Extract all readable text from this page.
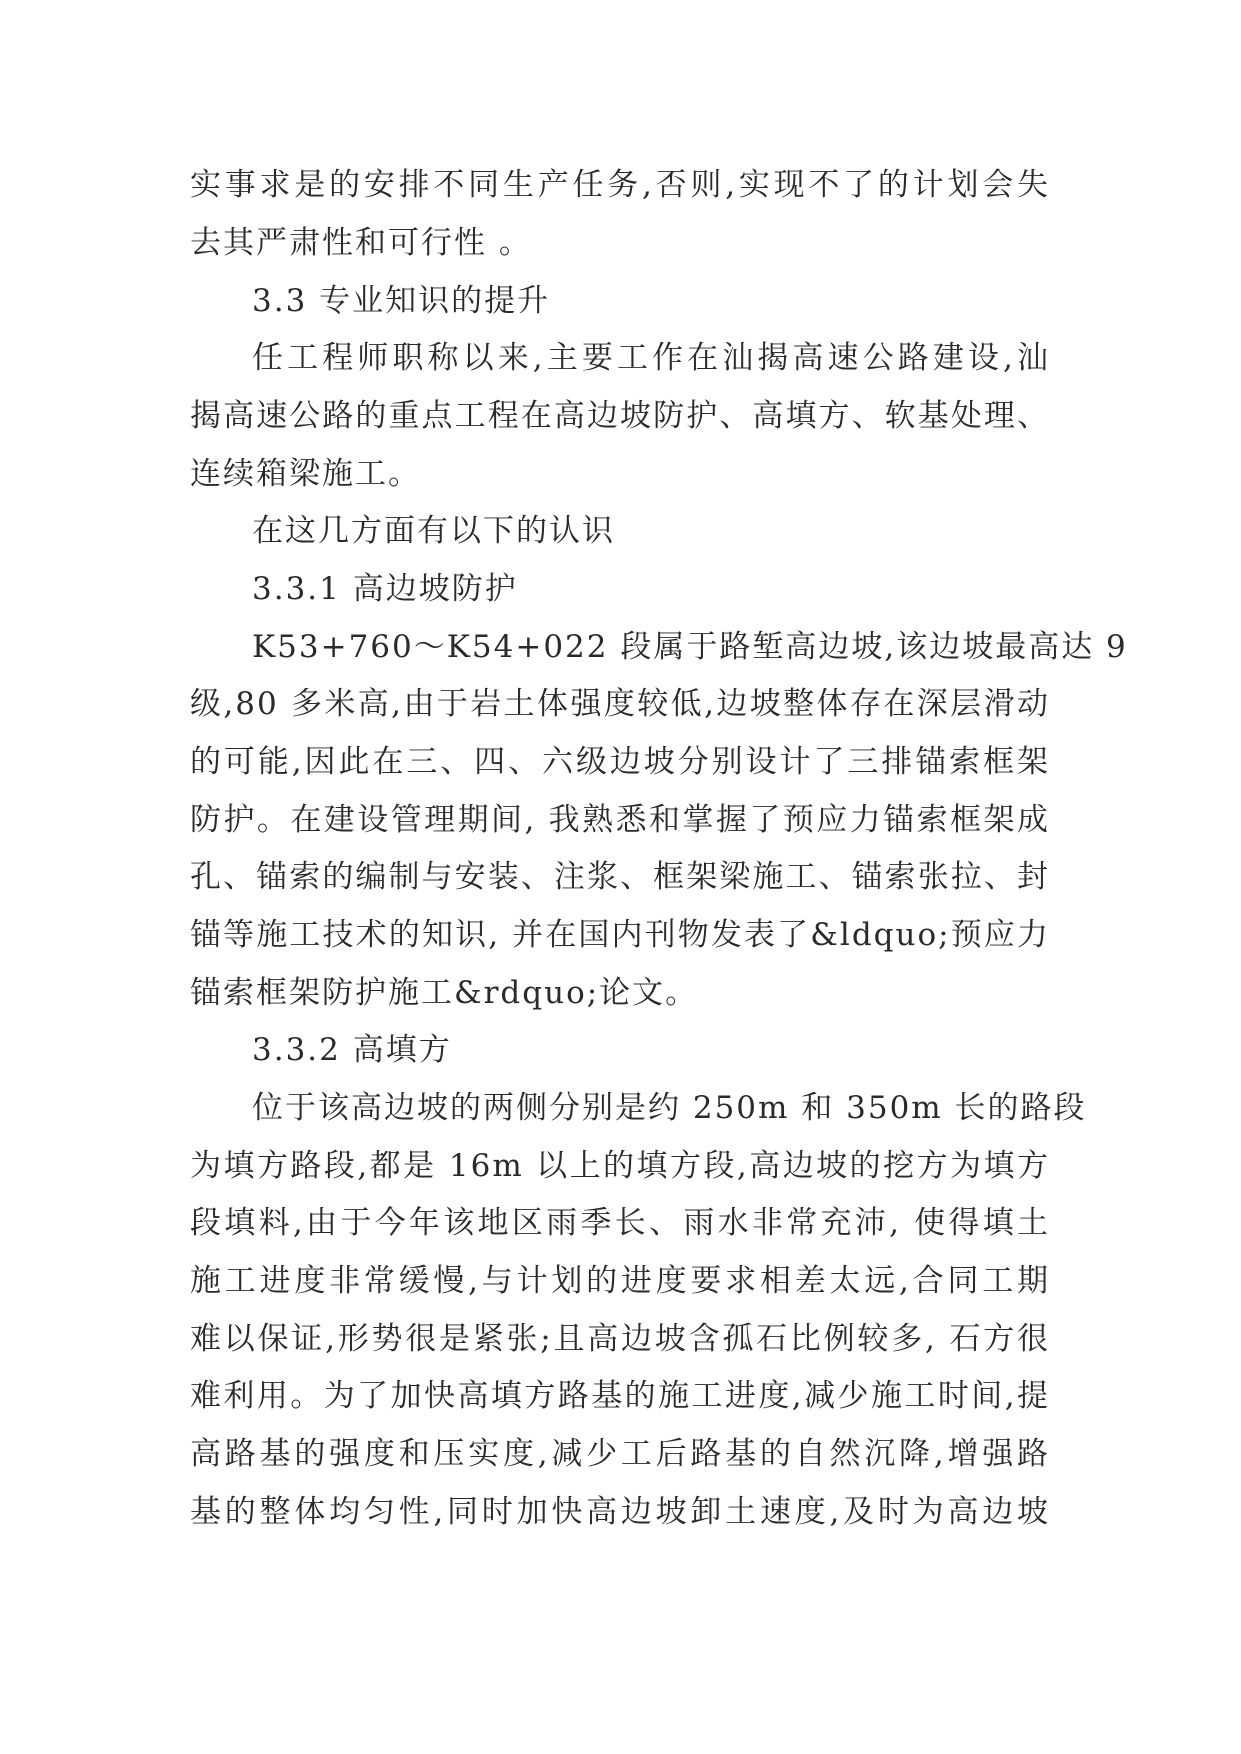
实事求是的安排不同生产任务,否则,实现不了的计划会失
去其严肃性和可行性 。
3.3 专业知识的提升
任工程师职称以来,主要工作在汕揭高速公路建设,汕
揭高速公路的重点工程在高边坡防护、高填方、软基处理、
连续箱梁施工。
在这几方面有以下的认识
3.3.1 高边坡防护
K53+760～K54+022 段属于路堑高边坡,该边坡最高达 9
级,80 多米高,由于岩土体强度较低,边坡整体存在深层滑动
的可能,因此在三、四、六级边坡分别设计了三排锚索框架
防护。在建设管理期间, 我熟悉和掌握了预应力锚索框架成
孔、锚索的编制与安装、注浆、框架梁施工、锚索张拉、封
锚等施工技术的知识, 并在国内刊物发表了&ldquo;预应力
锚索框架防护施工&rdquo;论文。
3.3.2 高填方
位于该高边坡的两侧分别是约 250m 和 350m 长的路段
为填方路段,都是 16m 以上的填方段,高边坡的挖方为填方
段填料,由于今年该地区雨季长、雨水非常充沛, 使得填土
施工进度非常缓慢,与计划的进度要求相差太远,合同工期
难以保证,形势很是紧张;且高边坡含孤石比例较多, 石方很
难利用。为了加快高填方路基的施工进度,减少施工时间,提
高路基的强度和压实度,减少工后路基的自然沉降,增强路
基的整体均匀性,同时加快高边坡卸土速度,及时为高边坡
